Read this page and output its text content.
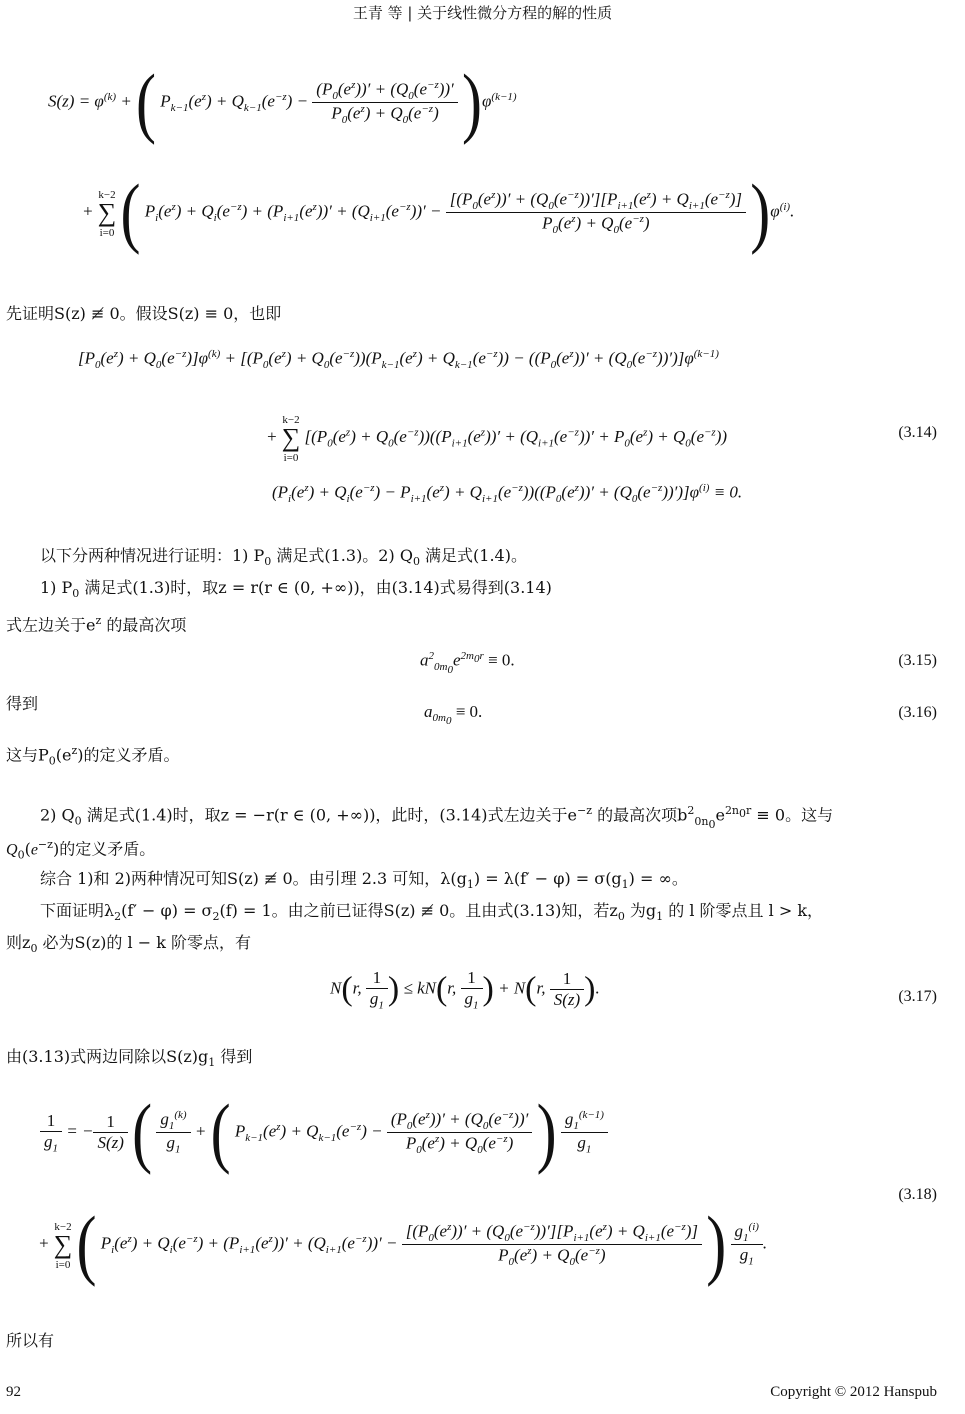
王青 等 | 关于线性微分方程的解的性质
$S(z) = \varphi^{(k)}$ + ( $P_{k-1}(e^z) + Q_{k-1}(e^{-z}) - \frac{(P_0(e^z))' + (Q_0(e^{-z}))'}{P_0(e^z) + Q_0(e^{-z})} )\varphi^{(k-1)}$
+ k−2
∑
i=0 ( $P_i(e^z) + Q_i(e^{-z}) + (P_{i+1}(e^z))' + (Q_{i+1}(e^{-z}))' - \frac{[(P_0(e^z))' + (Q_0(e^{-z}))'][P_{i+1}(e^z) + Q_{i+1}(e^{-z})]}{P_0(e^z) + Q_0(e^{-z})} )\varphi^{(i)}$.
先证明S(z) ≢ 0。假设S(z) ≡ 0，也即
$[P_0(e^z) + Q_0(e^{-z})]\varphi^{(k)} + [(P_0(e^z) + Q_0(e^{-z}))(P_{k-1}(e^z) + Q_{k-1}(e^{-z})) - ((P_0(e^z))' + (Q_0(e^{-z}))')]\varphi^{(k-1)}$
+ k−2
∑
i=0 [$(P_0(e^z) + Q_0(e^{-z}))((P_{i+1}(e^z))' + (Q_{i+1}(e^{-z}))' + P_0(e^z) + Q_0(e^{-z}))$	(3.14)
$(P_i(e^z) + Q_i(e^{-z}) - P_{i+1}(e^z) + Q_{i+1}(e^{-z}))((P_0(e^z))' + (Q_0(e^{-z}))')]\varphi^{(i)} \equiv 0$.
以下分两种情况进行证明：1) $P_0$ 满足式(1.3)。2) $Q_0$ 满足式(1.4)。
1) $P_0$ 满足式(1.3)时，取z = r(r ∈ (0, +∞))，由(3.14)式易得到(3.14)
式左边关于$e^z$ 的最高次项
$a^2_{0m_0}e^{2m_0r} \equiv 0$.	(3.15)
得到	$a_{0m_0} \equiv 0$.	(3.16)
这与$P_0(e^z)$的定义矛盾。
2) $Q_0$ 满足式(1.4)时，取z = −r(r ∈ (0, +∞))，此时，(3.14)式左边关于$e^{-z}$ 的最高次项$b^2_{0n_0}e^{2n_0r} \equiv 0$。这与
$Q_0(e^{-z})$的定义矛盾。
综合 1)和 2)两种情况可知S(z) ≢ 0。由引理 2.3 可知，$\lambda(g_1) = \lambda(f' - \varphi) = \sigma(g_1)$ = ∞。
下面证明$\lambda_2(f' - \varphi) = \sigma_2(f) = 1$。由之前已证得S(z) ≢ 0。且由式(3.13)知，若$z_0$ 为$g_1$ 的 l 阶零点且 l > k，
则$z_0$ 必为S(z)的 l − k 阶零点，有
N(r, $\frac{1}{g_1}$ ) ≤ kN(r, $\frac{1}{g_1}$ ) + N(r, $\frac{1}{S(z)}$ ).	(3.17)
由(3.13)式两边同除以$S(z)g_1$ 得到
$\frac{1}{g_1}$ = − $\frac{1}{S(z)}$ ( $\frac{g_1^{(k)}}{g_1}$ + ( $P_{k-1}(e^z) + Q_{k-1}(e^{-z}) - \frac{(P_0(e^z))' + (Q_0(e^{-z}))'}{P_0(e^z) + Q_0(e^{-z})}$ ) $\frac{g_1^{(k-1)}}{g_1}$
(3.18)
+ k−2
∑
i=0 ( $P_i(e^z) + Q_i(e^{-z}) + (P_{i+1}(e^z))' + (Q_{i+1}(e^{-z}))' - \frac{[(P_0(e^z))' + (Q_0(e^{-z}))'][P_{i+1}(e^z) + Q_{i+1}(e^{-z})]}{P_0(e^z) + Q_0(e^{-z})}$ ) $\frac{g_1^{(i)}}{g_1}$ .
所以有
92	Copyright © 2012 Hanspub
